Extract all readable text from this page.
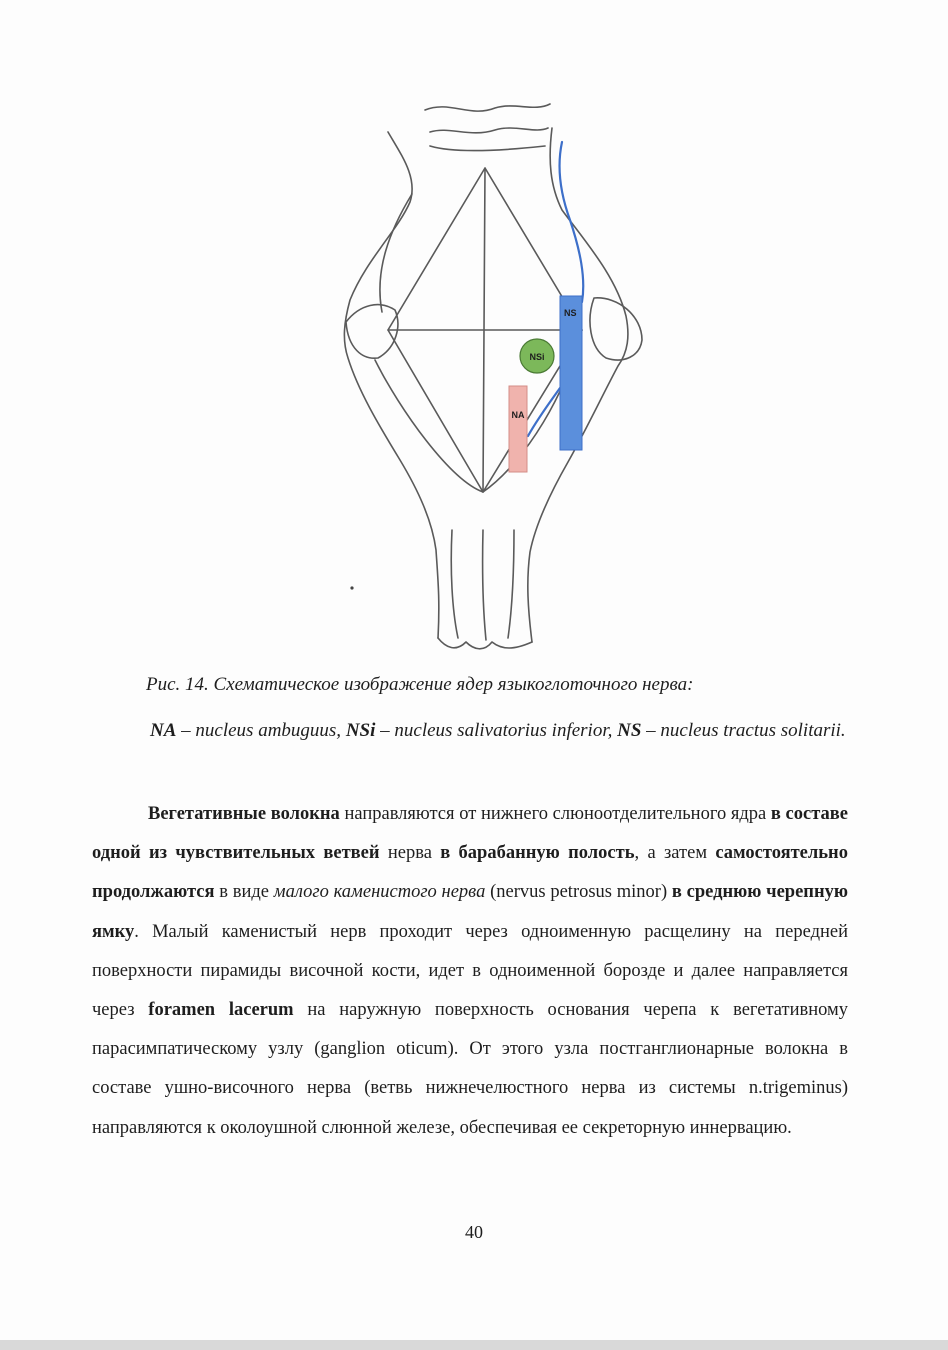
NS
NSi
NA
Рис. 14. Схематическое изображение ядер языкоглоточного нерва:
NA – nucleus ambuguus, NSi – nucleus salivatorius inferior, NS – nucleus tractus solitarii.

Вегетативные волокна направляются от нижнего слюноотделительного ядра в составе одной из чувствительных ветвей нерва в барабанную полость, а затем самостоятельно продолжаются в виде малого каменистого нерва (nervus petrosus minor) в среднюю черепную ямку. Малый каменистый нерв проходит через одноименную расщелину на передней поверхности пирамиды височной кости, идет в одноименной борозде и далее направляется через foramen lacerum на наружную поверхность основания черепа к вегетативному парасимпатическому узлу (ganglion oticum). От этого узла постганглионарные волокна в составе ушно-височного нерва (ветвь нижнечелюстного нерва из системы n.trigeminus) направляются к околоушной слюнной железе, обеспечивая ее секреторную иннервацию.

40
